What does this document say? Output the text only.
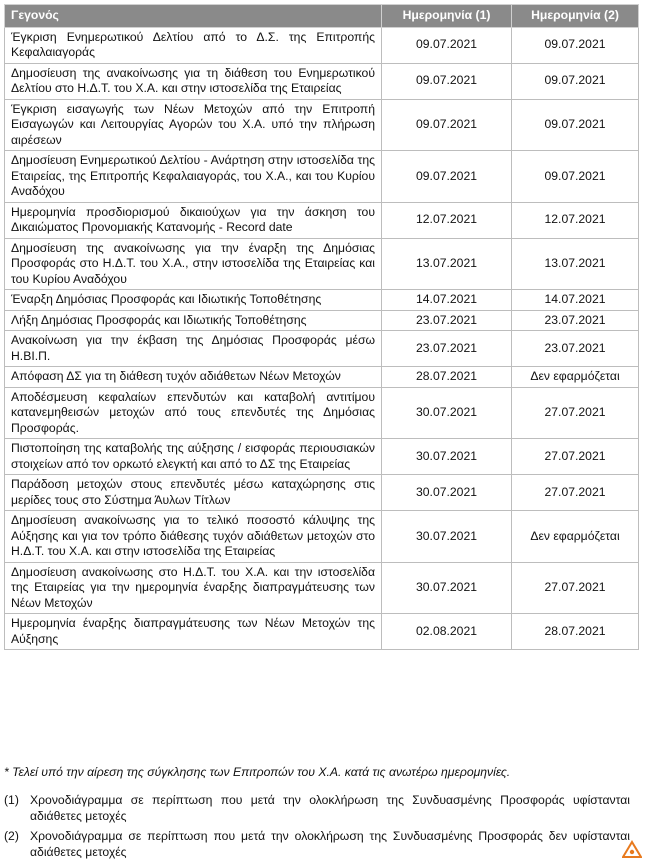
Γεγονός	Ημερομηνία (1)	Ημερομηνία (2)
Έγκριση Ενημερωτικού Δελτίου από το Δ.Σ. της Επιτροπής Κεφαλαιαγοράς	09.07.2021	09.07.2021
Δημοσίευση της ανακοίνωσης για τη διάθεση του Ενημερωτικού Δελτίου στο Η.Δ.Τ. του Χ.Α. και στην ιστοσελίδα της Εταιρείας	09.07.2021	09.07.2021
Έγκριση εισαγωγής των Νέων Μετοχών από την Επιτροπή Εισαγωγών και Λειτουργίας Αγορών του Χ.Α. υπό την πλήρωση αιρέσεων	09.07.2021	09.07.2021
Δημοσίευση Ενημερωτικού Δελτίου - Ανάρτηση στην ιστοσελίδα της Εταιρείας, της Επιτροπής Κεφαλαιαγοράς, του Χ.Α., και του Κυρίου Αναδόχου	09.07.2021	09.07.2021
Ημερομηνία προσδιορισμού δικαιούχων για την άσκηση του Δικαιώματος Προνομιακής Κατανομής - Record date	12.07.2021	12.07.2021
Δημοσίευση της ανακοίνωσης για την έναρξη της Δημόσιας Προσφοράς στο Η.Δ.Τ. του Χ.Α., στην ιστοσελίδα της Εταιρείας και του Κυρίου Αναδόχου	13.07.2021	13.07.2021
Έναρξη Δημόσιας Προσφοράς και Ιδιωτικής Τοποθέτησης	14.07.2021	14.07.2021
Λήξη Δημόσιας Προσφοράς και Ιδιωτικής Τοποθέτησης	23.07.2021	23.07.2021
Ανακοίνωση για την έκβαση της Δημόσιας Προσφοράς μέσω Η.ΒΙ.Π.	23.07.2021	23.07.2021
Απόφαση ΔΣ για τη διάθεση τυχόν αδιάθετων Νέων Μετοχών	28.07.2021	Δεν εφαρμόζεται
Αποδέσμευση κεφαλαίων επενδυτών και καταβολή αντιτίμου κατανεμηθεισών μετοχών από τους επενδυτές της Δημόσιας Προσφοράς.	30.07.2021	27.07.2021
Πιστοποίηση της καταβολής της αύξησης / εισφοράς περιουσιακών στοιχείων από τον ορκωτό ελεγκτή και από το ΔΣ της Εταιρείας	30.07.2021	27.07.2021
Παράδοση μετοχών στους επενδυτές μέσω καταχώρησης στις μερίδες τους στο Σύστημα Άυλων Τίτλων	30.07.2021	27.07.2021
Δημοσίευση ανακοίνωσης για το τελικό ποσοστό κάλυψης της Αύξησης και για τον τρόπο διάθεσης τυχόν αδιάθετων μετοχών στο Η.Δ.Τ. του Χ.Α. και στην ιστοσελίδα της Εταιρείας	30.07.2021	Δεν εφαρμόζεται
Δημοσίευση ανακοίνωσης στο Η.Δ.Τ. του Χ.Α. και την ιστοσελίδα της Εταιρείας για την ημερομηνία έναρξης διαπραγμάτευσης των Νέων Μετοχών	30.07.2021	27.07.2021
Ημερομηνία έναρξης διαπραγμάτευσης των Νέων Μετοχών της Αύξησης	02.08.2021	28.07.2021
* Τελεί υπό την αίρεση της σύγκλησης των Επιτροπών του Χ.Α. κατά τις ανωτέρω ημερομηνίες.
(1) Χρονοδιάγραμμα σε περίπτωση που μετά την ολοκλήρωση της Συνδυασμένης Προσφοράς υφίστανται αδιάθετες μετοχές
(2) Χρονοδιάγραμμα σε περίπτωση που μετά την ολοκλήρωση της Συνδυασμένης Προσφοράς δεν υφίστανται αδιάθετες μετοχές
